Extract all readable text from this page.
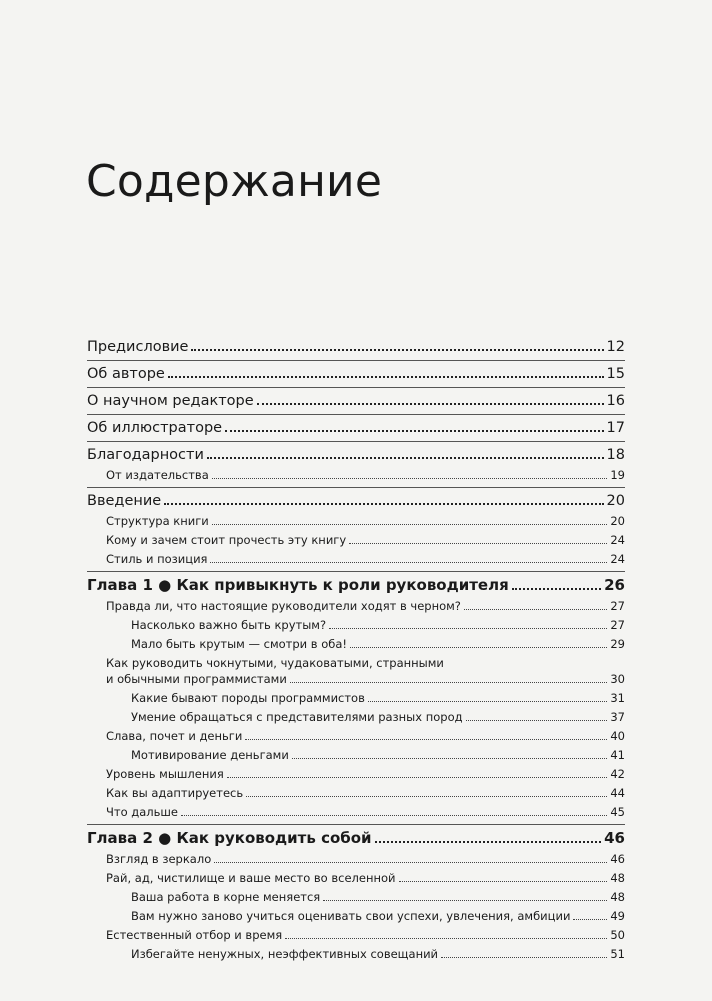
Содержание
Предисловие	12
Об авторе	15
О научном редакторе	16
Об иллюстраторе	17
Благодарности	18
От издательства	19
Введение	20
Структура книги	20
Кому и зачем стоит прочесть эту книгу	24
Стиль и позиция	24
Глава 1 ● Как привыкнуть к роли руководителя	26
Правда ли, что настоящие руководители ходят в черном?	27
Насколько важно быть крутым?	27
Мало быть крутым — смотри в оба!	29
Как руководить чокнутыми, чудаковатыми, странными
и обычными программистами	30
Какие бывают породы программистов	31
Умение обращаться с представителями разных пород	37
Слава, почет и деньги	40
Мотивирование деньгами	41
Уровень мышления	42
Как вы адаптируетесь	44
Что дальше	45
Глава 2 ● Как руководить собой	46
Взгляд в зеркало	46
Рай, ад, чистилище и ваше место во вселенной	48
Ваша работа в корне меняется	48
Вам нужно заново учиться оценивать свои успехи, увлечения, амбиции	49
Естественный отбор и время	50
Избегайте ненужных, неэффективных совещаний	51
